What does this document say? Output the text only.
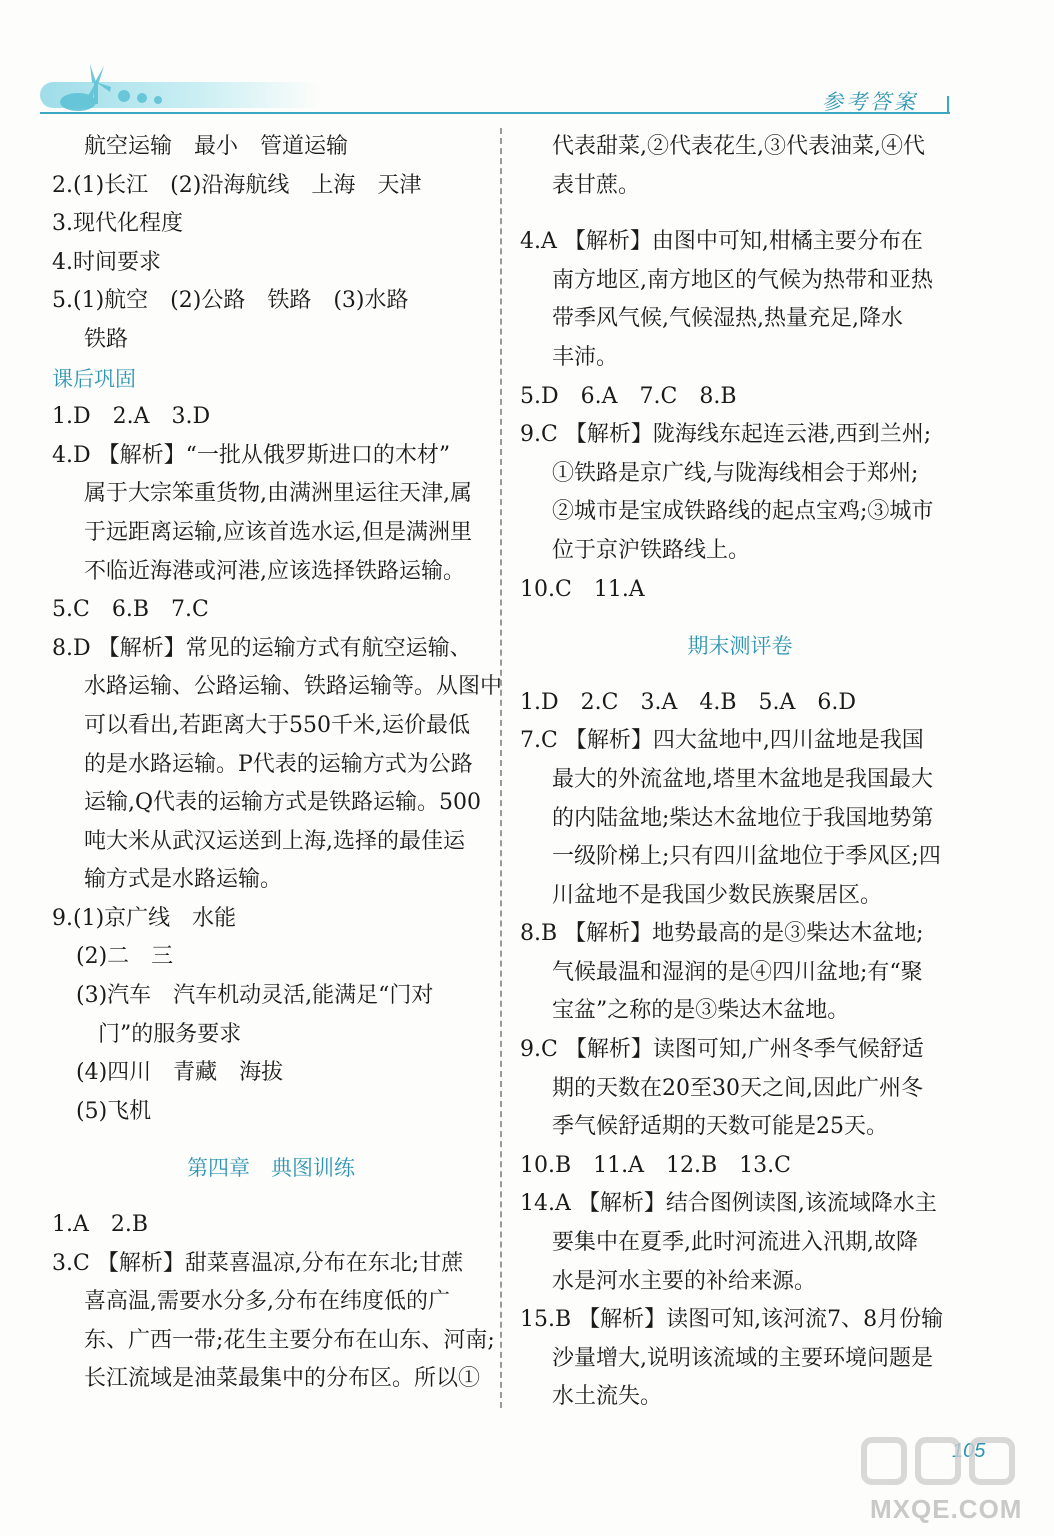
参考答案
航空运输　最小　管道运输
2.(1)长江　(2)沿海航线　上海　天津
3.现代化程度
4.时间要求
5.(1)航空　(2)公路　铁路　(3)水路
铁路
课后巩固
1.D　2.A　3.D
4.D 【解析】“一批从俄罗斯进口的木材”
属于大宗笨重货物,由满洲里运往天津,属
于远距离运输,应该首选水运,但是满洲里
不临近海港或河港,应该选择铁路运输。
5.C　6.B　7.C
8.D 【解析】常见的运输方式有航空运输、
水路运输、公路运输、铁路运输等。从图中
可以看出,若距离大于550千米,运价最低
的是水路运输。P代表的运输方式为公路
运输,Q代表的运输方式是铁路运输。500
吨大米从武汉运送到上海,选择的最佳运
输方式是水路运输。
9.(1)京广线　水能
(2)二　三
(3)汽车　汽车机动灵活,能满足“门对
　门”的服务要求
(4)四川　青藏　海拔
(5)飞机
第四章　典图训练
1.A　2.B
3.C 【解析】甜菜喜温凉,分布在东北;甘蔗
喜高温,需要水分多,分布在纬度低的广
东、广西一带;花生主要分布在山东、河南;
长江流域是油菜最集中的分布区。所以①
代表甜菜,②代表花生,③代表油菜,④代
表甘蔗。
4.A 【解析】由图中可知,柑橘主要分布在
南方地区,南方地区的气候为热带和亚热
带季风气候,气候湿热,热量充足,降水
丰沛。
5.D　6.A　7.C　8.B
9.C 【解析】陇海线东起连云港,西到兰州;
①铁路是京广线,与陇海线相会于郑州;
②城市是宝成铁路线的起点宝鸡;③城市
位于京沪铁路线上。
10.C　11.A
期末测评卷
1.D　2.C　3.A　4.B　5.A　6.D
7.C 【解析】四大盆地中,四川盆地是我国
最大的外流盆地,塔里木盆地是我国最大
的内陆盆地;柴达木盆地位于我国地势第
一级阶梯上;只有四川盆地位于季风区;四
川盆地不是我国少数民族聚居区。
8.B 【解析】地势最高的是③柴达木盆地;
气候最温和湿润的是④四川盆地;有“聚
宝盆”之称的是③柴达木盆地。
9.C 【解析】读图可知,广州冬季气候舒适
期的天数在20至30天之间,因此广州冬
季气候舒适期的天数可能是25天。
10.B　11.A　12.B　13.C
14.A 【解析】结合图例读图,该流域降水主
要集中在夏季,此时河流进入汛期,故降
水是河水主要的补给来源。
15.B 【解析】读图可知,该河流7、8月份输
沙量增大,说明该流域的主要环境问题是
水土流失。
105
MXQE.COM
